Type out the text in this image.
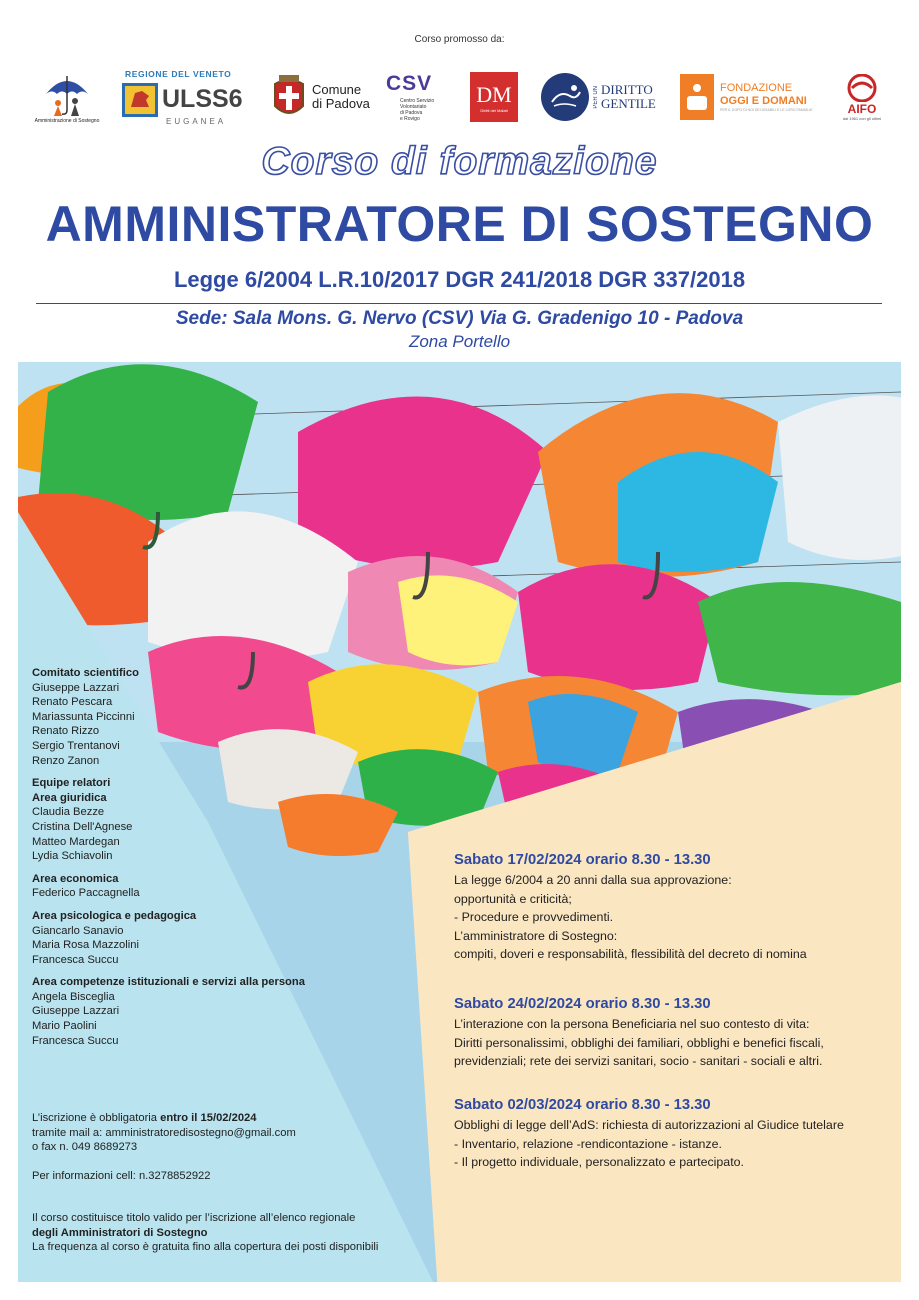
Corso promosso da:
Amministrazione di Sostegno
REGIONE DEL VENETO
ULSS6
EUGANEA
Comune
di Padova
CSV
Centro Servizio
Volontariato
di Padova
e Rovigo
DM
Diritti dei Malati
PER UN DIRITTO
GENTILE
FONDAZIONE
OGGI E DOMANI
PER IL DOPO DI NOI DEI DISABILI E LE LORO FAMIGLIE	AIFO
dal 1961 con gli ultimi
Corso di formazione
AMMINISTRATORE DI SOSTEGNO
Legge 6/2004 L.R.10/2017 DGR 241/2018 DGR 337/2018
Sede: Sala Mons. G. Nervo (CSV) Via G. Gradenigo 10 - Padova
Zona Portello
Comitato scientifico
Giuseppe Lazzari
Renato Pescara
Mariassunta Piccinni
Renato Rizzo
Sergio Trentanovi
Renzo Zanon
Equipe relatori
Area giuridica
Claudia Bezze
Cristina Dell'Agnese
Matteo Mardegan
Lydia Schiavolin
Area economica
Federico Paccagnella
Area psicologica e pedagogica
Giancarlo Sanavio
Maria Rosa Mazzolini
Francesca Succu
Area competenze istituzionali e servizi alla persona
Angela Bisceglia
Giuseppe Lazzari
Mario Paolini
Francesca Succu
L’iscrizione è obbligatoria entro il 15/02/2024
tramite mail a: amministratoredisostegno@gmail.com
o fax n. 049 8689273
Per informazioni cell: n.3278852922
Il corso costituisce titolo valido per l’iscrizione all’elenco regionale
degli Amministratori di Sostegno
La frequenza al corso è gratuita fino alla copertura dei posti disponibili
Sabato 17/02/2024 orario 8.30 - 13.30
La legge 6/2004 a 20 anni dalla sua approvazione:
opportunità e criticità;
- Procedure e provvedimenti.
L’amministratore di Sostegno:
compiti, doveri e responsabilità, flessibilità del decreto di nomina
Sabato 24/02/2024 orario 8.30 - 13.30
L’interazione con la persona Beneficiaria nel suo contesto di vita:
Diritti personalissimi, obblighi dei familiari, obblighi e benefici fiscali,
previdenziali; rete dei servizi sanitari, socio - sanitari - sociali e altri.
Sabato 02/03/2024 orario 8.30 - 13.30
Obblighi di legge dell’AdS: richiesta di autorizzazioni al Giudice tutelare
- Inventario, relazione -rendicontazione - istanze.
- Il progetto individuale, personalizzato e partecipato.
